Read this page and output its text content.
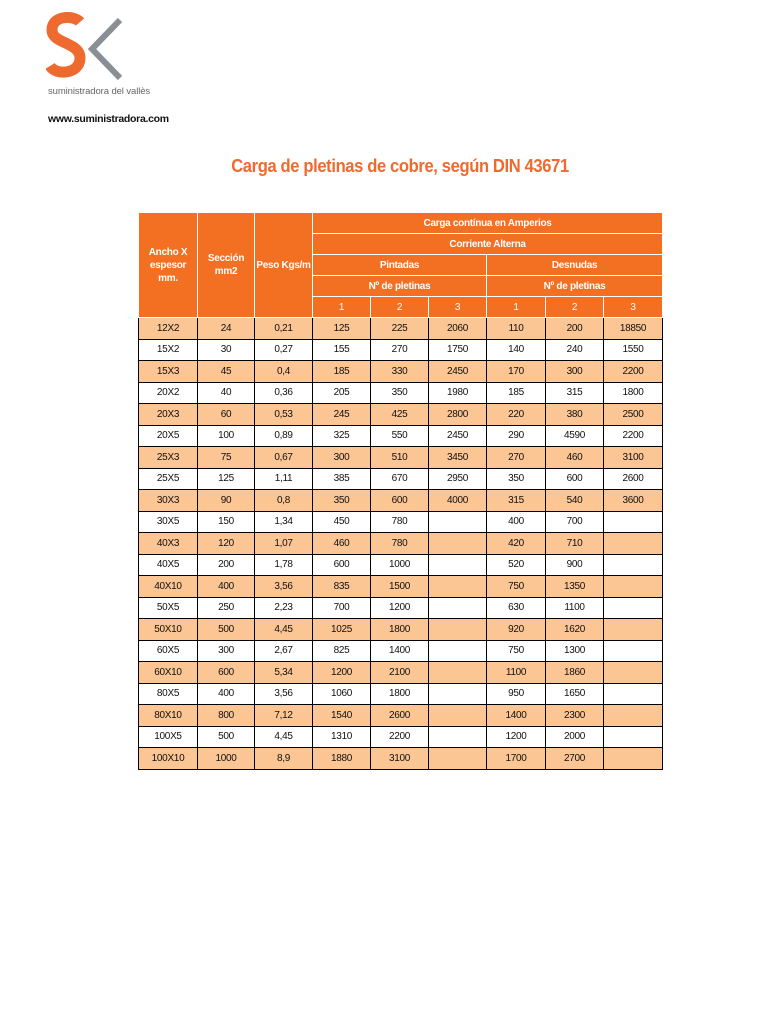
suministradora del vallès
www.suministradora.com
Carga de pletinas de cobre, según DIN 43671
Ancho X espesor mm.	Sección mm2	Peso Kgs/m	Carga contínua en Amperios					
			Corriente Alterna					
			Pintadas			Desnudas		
			Nº de pletinas			Nº de pletinas		
			1	2	3	1	2	3
12X2	24	0,21	125	225	2060	110	200	18850
15X2	30	0,27	155	270	1750	140	240	1550
15X3	45	0,4	185	330	2450	170	300	2200
20X2	40	0,36	205	350	1980	185	315	1800
20X3	60	0,53	245	425	2800	220	380	2500
20X5	100	0,89	325	550	2450	290	4590	2200
25X3	75	0,67	300	510	3450	270	460	3100
25X5	125	1,11	385	670	2950	350	600	2600
30X3	90	0,8	350	600	4000	315	540	3600
30X5	150	1,34	450	780		400	700	
40X3	120	1,07	460	780		420	710	
40X5	200	1,78	600	1000		520	900	
40X10	400	3,56	835	1500		750	1350	
50X5	250	2,23	700	1200		630	1100	
50X10	500	4,45	1025	1800		920	1620	
60X5	300	2,67	825	1400		750	1300	
60X10	600	5,34	1200	2100		1100	1860	
80X5	400	3,56	1060	1800		950	1650	
80X10	800	7,12	1540	2600		1400	2300	
100X5	500	4,45	1310	2200		1200	2000	
100X10	1000	8,9	1880	3100		1700	2700	
